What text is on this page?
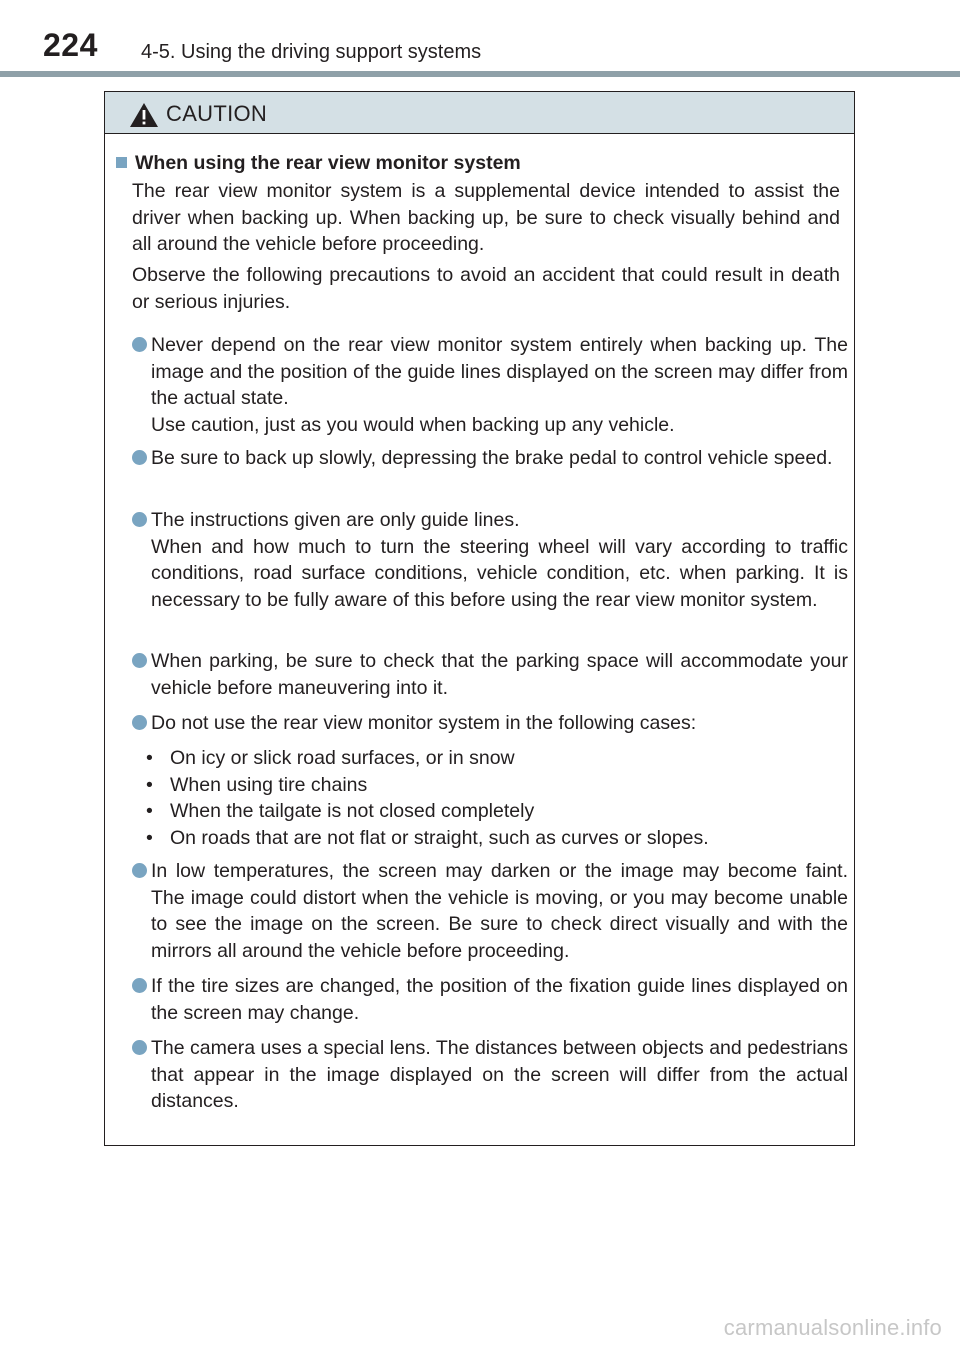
224 4-5. Using the driving support systems
CAUTION
When using the rear view monitor system
The rear view monitor system is a supplemental device intended to assist the driver when backing up. When backing up, be sure to check visually behind and all around the vehicle before proceeding.
Observe the following precautions to avoid an accident that could result in death or serious injuries.
Never depend on the rear view monitor system entirely when backing up. The image and the position of the guide lines displayed on the screen may differ from the actual state.
Use caution, just as you would when backing up any vehicle.
Be sure to back up slowly, depressing the brake pedal to control vehicle speed.
The instructions given are only guide lines.
When and how much to turn the steering wheel will vary according to traffic conditions, road surface conditions, vehicle condition, etc. when parking. It is necessary to be fully aware of this before using the rear view monitor system.
When parking, be sure to check that the parking space will accommodate your vehicle before maneuvering into it.
Do not use the rear view monitor system in the following cases:
• On icy or slick road surfaces, or in snow
• When using tire chains
• When the tailgate is not closed completely
• On roads that are not flat or straight, such as curves or slopes.
In low temperatures, the screen may darken or the image may become faint. The image could distort when the vehicle is moving, or you may become unable to see the image on the screen. Be sure to check direct visually and with the mirrors all around the vehicle before proceeding.
If the tire sizes are changed, the position of the fixation guide lines displayed on the screen may change.
The camera uses a special lens. The distances between objects and pedestrians that appear in the image displayed on the screen will differ from the actual distances.
carmanualsonline.info
